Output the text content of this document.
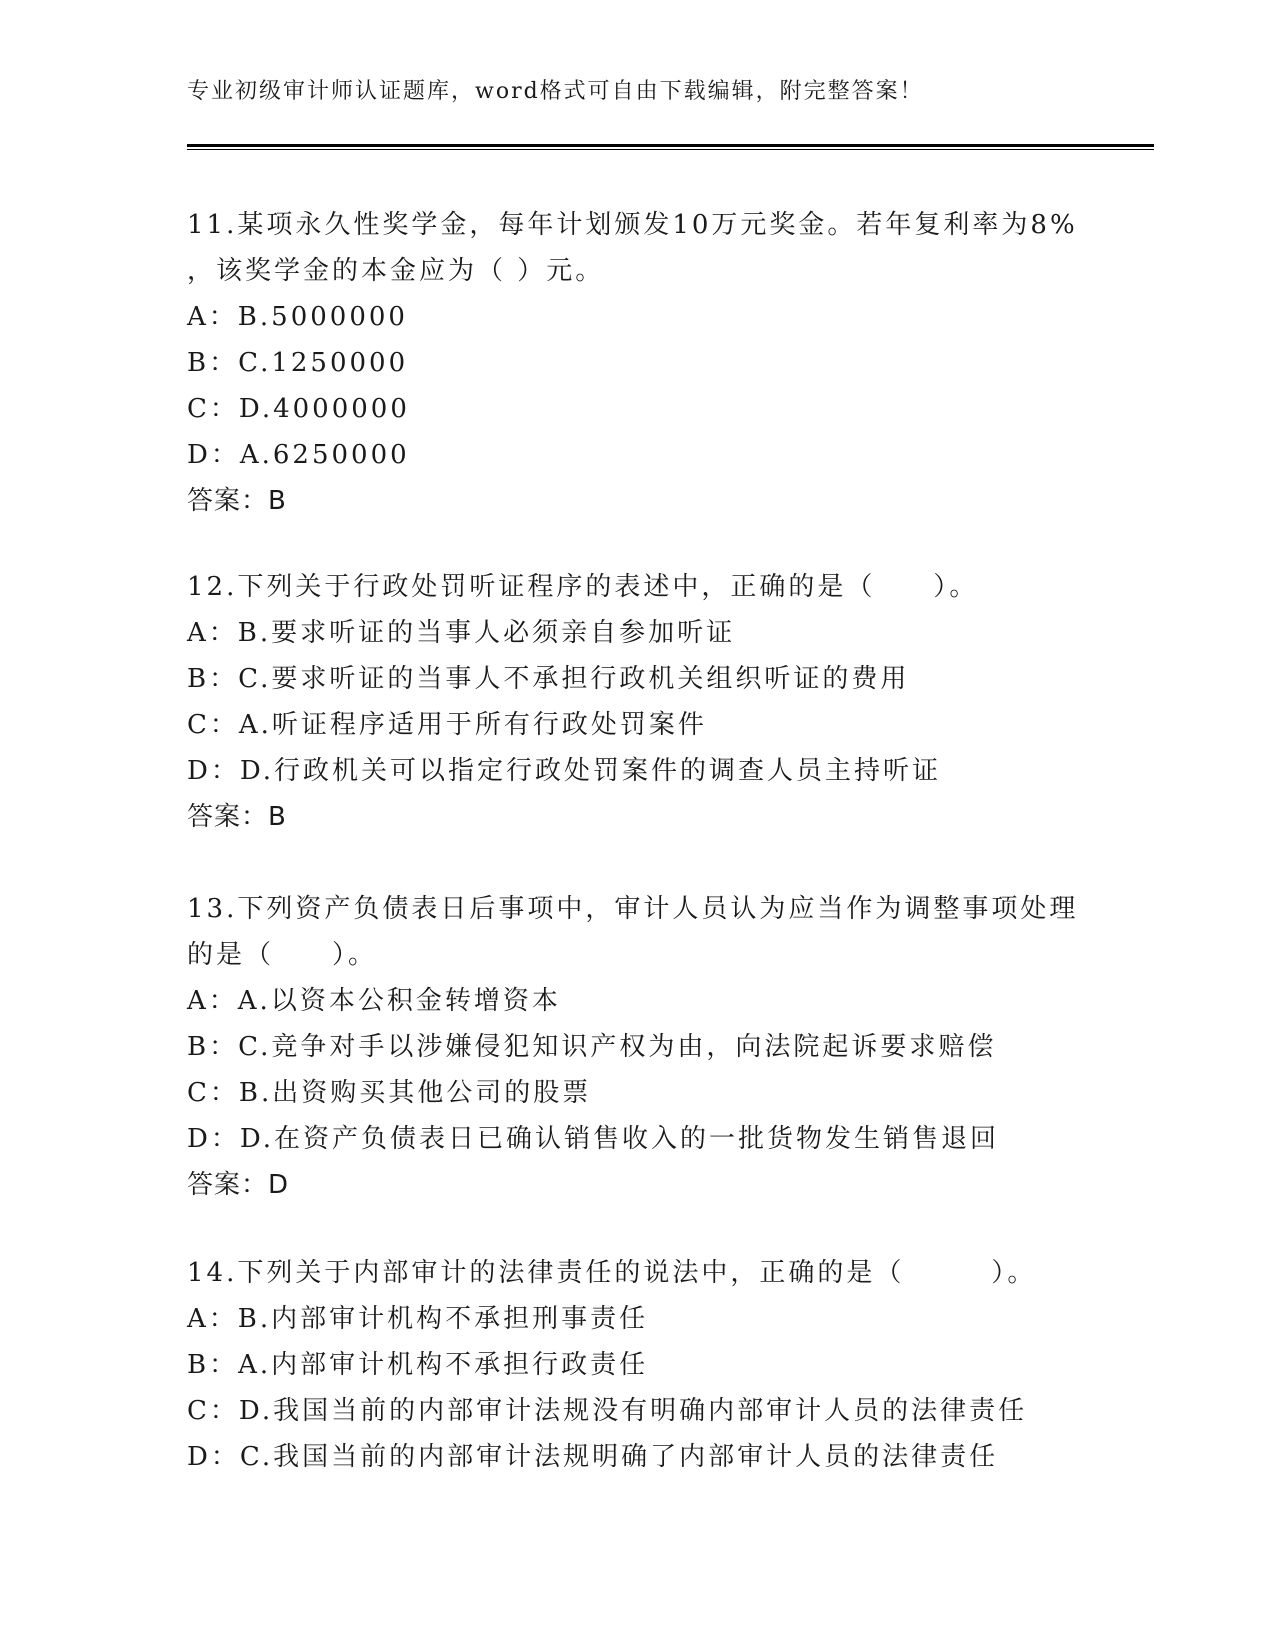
专业初级审计师认证题库，word格式可自由下载编辑，附完整答案！
11.某项永久性奖学金，每年计划颁发10万元奖金。若年复利率为8%
，该奖学金的本金应为（ ）元。
A：B.5000000
B：C.1250000
C：D.4000000
D：A.6250000
答案：B
12.下列关于行政处罚听证程序的表述中，正确的是（　　）。
A：B.要求听证的当事人必须亲自参加听证
B：C.要求听证的当事人不承担行政机关组织听证的费用
C：A.听证程序适用于所有行政处罚案件
D：D.行政机关可以指定行政处罚案件的调查人员主持听证
答案：B
13.下列资产负债表日后事项中，审计人员认为应当作为调整事项处理
的是（　　）。
A：A.以资本公积金转增资本
B：C.竞争对手以涉嫌侵犯知识产权为由，向法院起诉要求赔偿
C：B.出资购买其他公司的股票
D：D.在资产负债表日已确认销售收入的一批货物发生销售退回
答案：D
14.下列关于内部审计的法律责任的说法中，正确的是（　　　）。
A：B.内部审计机构不承担刑事责任
B：A.内部审计机构不承担行政责任
C：D.我国当前的内部审计法规没有明确内部审计人员的法律责任
D：C.我国当前的内部审计法规明确了内部审计人员的法律责任
